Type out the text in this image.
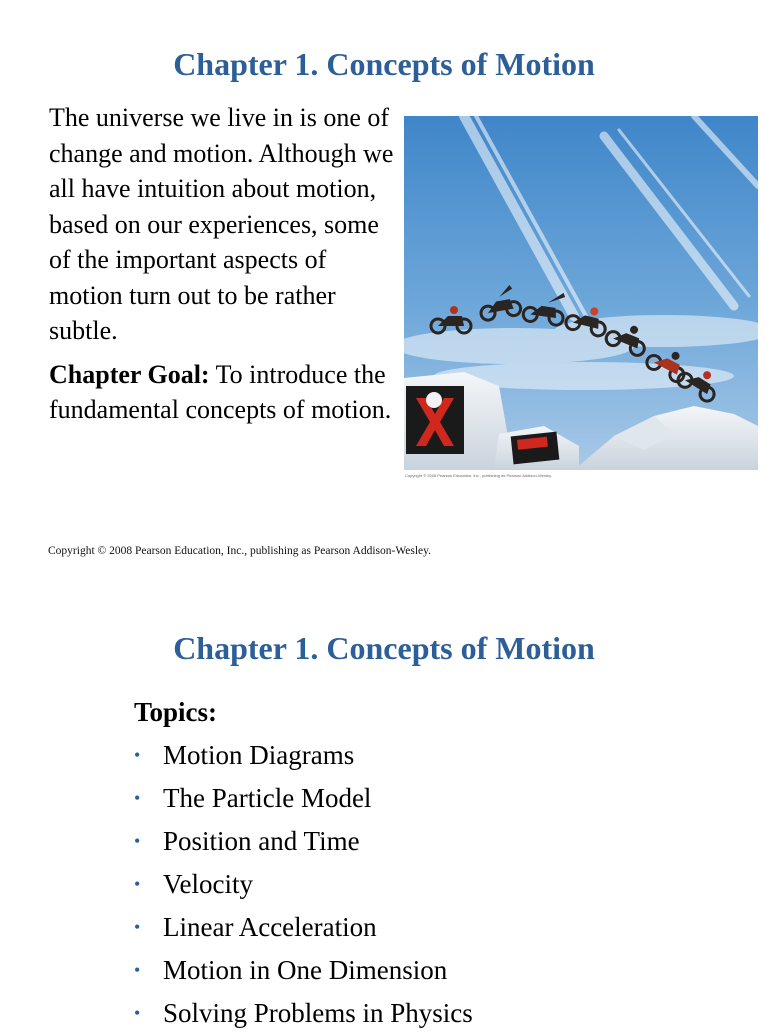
Chapter 1. Concepts of Motion

The universe we live in is one of change and motion. Although we all have intuition about motion, based on our experiences, some of the important aspects of motion turn out to be rather subtle.

Chapter Goal: To introduce the fundamental concepts of motion.

Copyright © 2008 Pearson Education, Inc., publishing as Pearson Addison-Wesley.
Copyright © 2008 Pearson Education, Inc., publishing as Pearson Addison-Wesley.
Chapter 1. Concepts of Motion
Topics:
• Motion Diagrams
• The Particle Model
• Position and Time
• Velocity
• Linear Acceleration
• Motion in One Dimension
• Solving Problems in Physics
